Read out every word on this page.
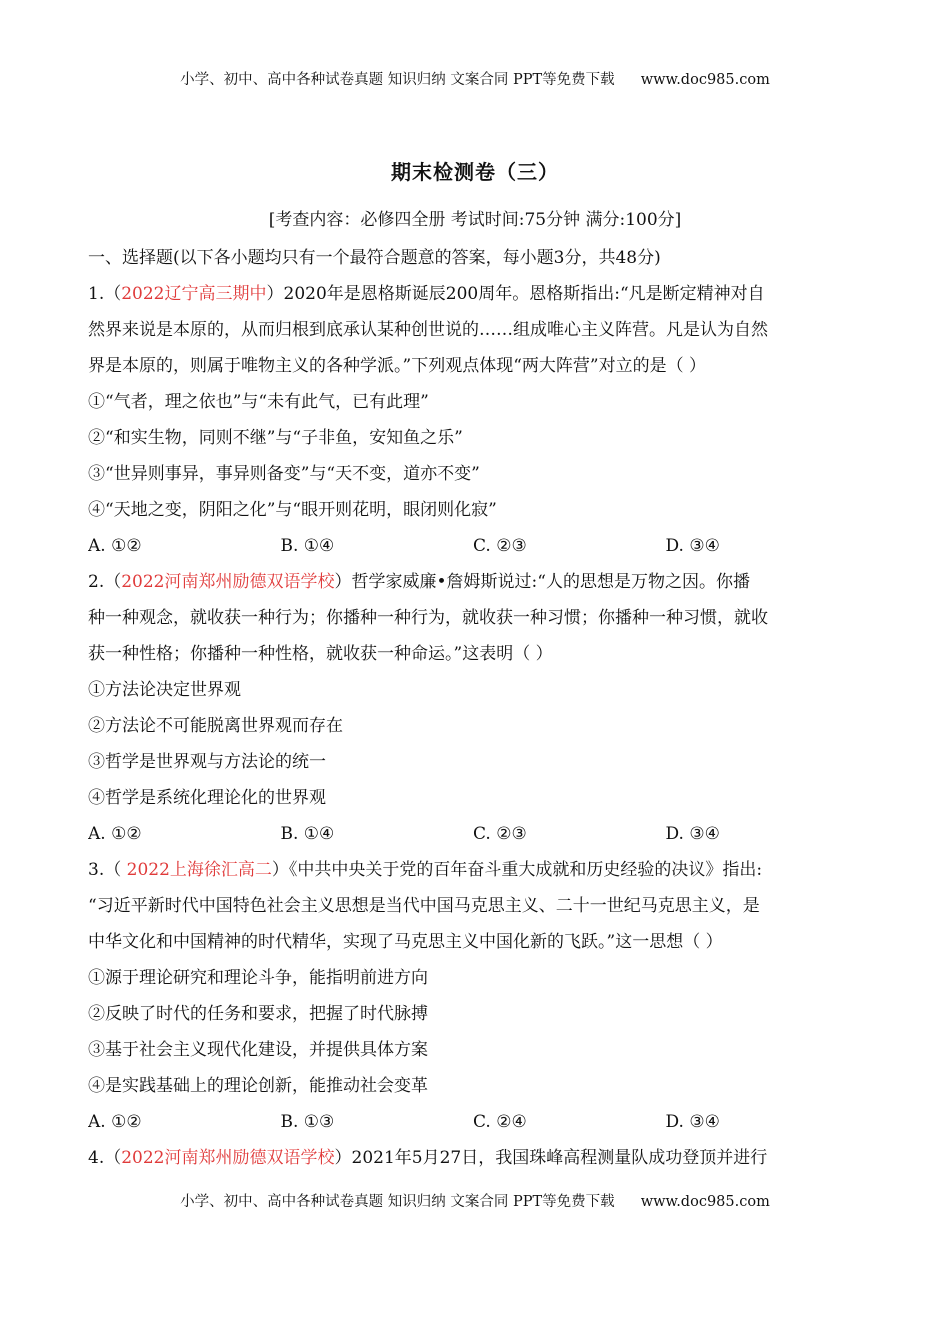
小学、初中、高中各种试卷真题 知识归纳 文案合同 PPT等免费下载 www.doc985.com
期末检测卷（三）
[考查内容：必修四全册 考试时间:75分钟 满分:100分]
一、选择题(以下各小题均只有一个最符合题意的答案，每小题3分，共48分)
1.（2022辽宁高三期中）2020年是恩格斯诞辰200周年。恩格斯指出:“凡是断定精神对自
然界来说是本原的，从而归根到底承认某种创世说的……组成唯心主义阵营。凡是认为自然
界是本原的，则属于唯物主义的各种学派。”下列观点体现“两大阵营”对立的是（ ）
①“气者，理之依也”与“未有此气，已有此理”
②“和实生物，同则不继”与“子非鱼，安知鱼之乐”
③“世异则事异，事异则备变”与“天不变，道亦不变”
④“天地之变，阴阳之化”与“眼开则花明，眼闭则化寂”
A. ①②	B. ①④	C. ②③	D. ③④
2.（2022河南郑州励德双语学校）哲学家威廉•詹姆斯说过:“人的思想是万物之因。你播
种一种观念，就收获一种行为；你播种一种行为，就收获一种习惯；你播种一种习惯，就收
获一种性格；你播种一种性格，就收获一种命运。”这表明（ ）
①方法论决定世界观
②方法论不可能脱离世界观而存在
③哲学是世界观与方法论的统一
④哲学是系统化理论化的世界观
A. ①②	B. ①④	C. ②③	D. ③④
3.（ 2022上海徐汇高二）《中共中央关于党的百年奋斗重大成就和历史经验的决议》指出:
“习近平新时代中国特色社会主义思想是当代中国马克思主义、二十一世纪马克思主义，是
中华文化和中国精神的时代精华，实现了马克思主义中国化新的飞跃。”这一思想（ ）
①源于理论研究和理论斗争，能指明前进方向
②反映了时代的任务和要求，把握了时代脉搏
③基于社会主义现代化建设，并提供具体方案
④是实践基础上的理论创新，能推动社会变革
A. ①②	B. ①③	C. ②④	D. ③④
4.（2022河南郑州励德双语学校）2021年5月27日，我国珠峰高程测量队成功登顶并进行
小学、初中、高中各种试卷真题 知识归纳 文案合同 PPT等免费下载 www.doc985.com
